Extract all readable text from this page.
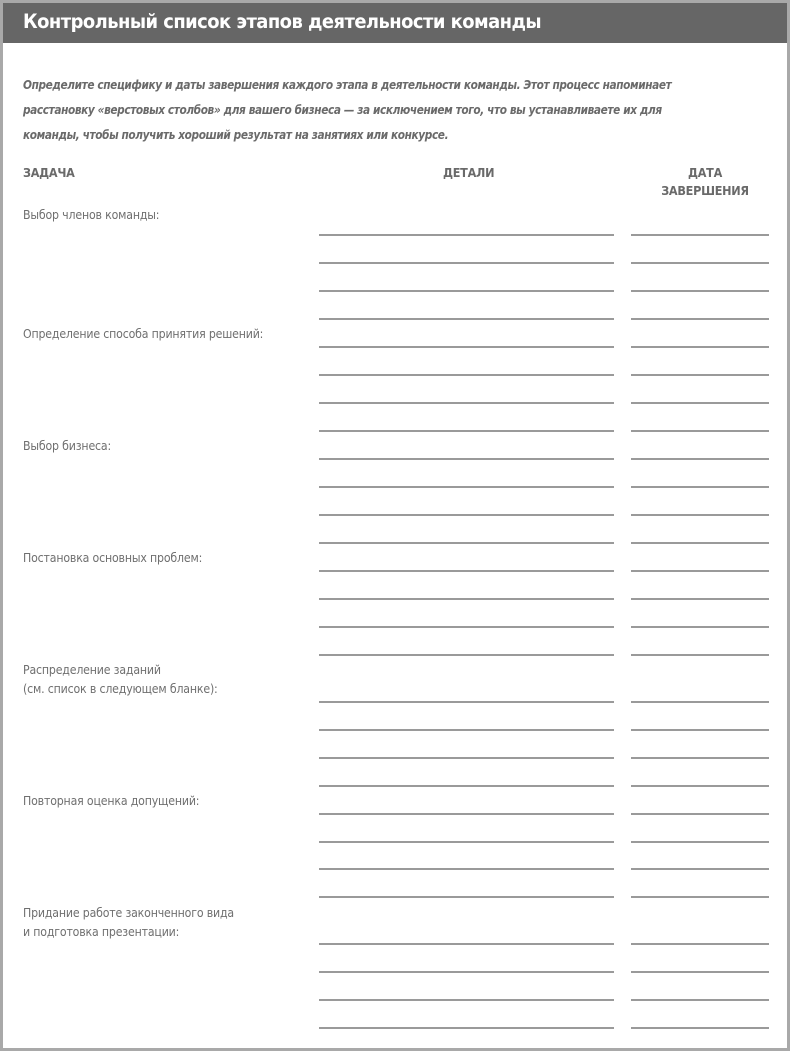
Контрольный список этапов деятельности команды
Определите специфику и даты завершения каждого этапа в деятельности команды. Этот процесс напоминает
расстановку «верстовых столбов» для вашего бизнеса — за исключением того, что вы устанавливаете их для
команды, чтобы получить хороший результат на занятиях или конкурсе.
ЗАДАЧА	ДЕТАЛИ	ДАТА
ЗАВЕРШЕНИЯ
Выбор членов команды:
Определение способа принятия решений:
Выбор бизнеса:
Постановка основных проблем:
Распределение заданий
(см. список в следующем бланке):
Повторная оценка допущений:
Придание работе законченного вида
и подготовка презентации:
